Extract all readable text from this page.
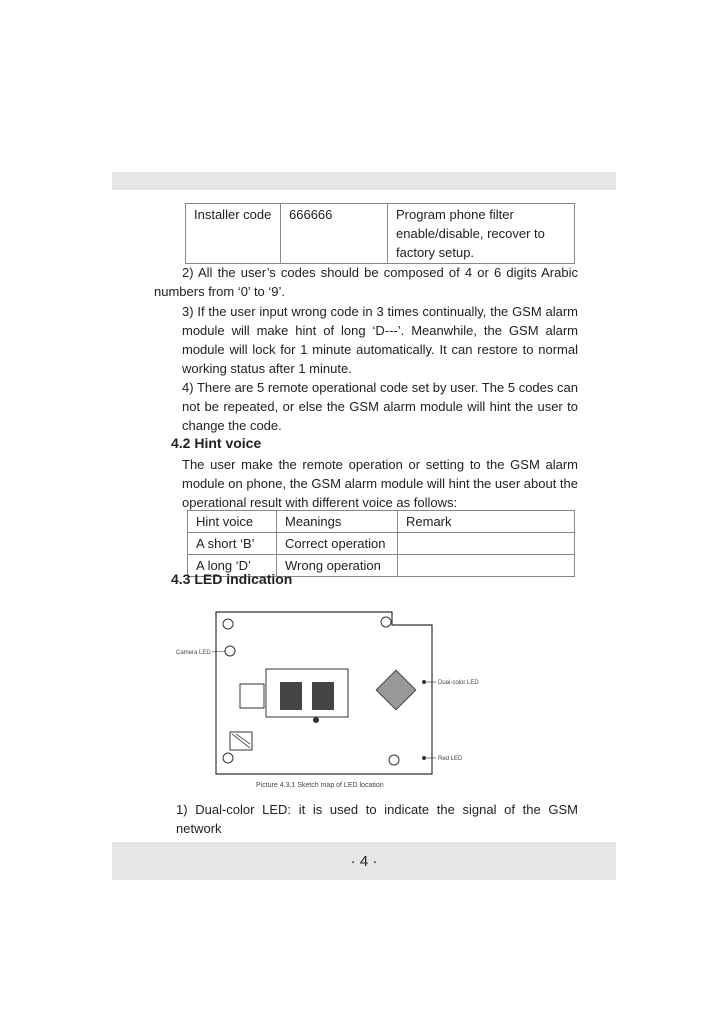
Installer code	666666	Program phone filter
enable/disable, recover to
factory setup.
2) All the user’s codes should be composed of 4 or 6 digits Arabic
numbers from ‘0’ to ‘9’.
3) If the user input wrong code in 3 times continually, the GSM alarm
module will make hint of long ‘D---’. Meanwhile, the GSM alarm
module will lock for 1 minute automatically. It can restore to normal
working status after 1 minute.
4) There are 5 remote operational code set by user. The 5 codes can
not be repeated, or else the GSM alarm module will hint the user to
change the code.
4.2 Hint voice
The user make the remote operation or setting to the GSM alarm
module on phone, the GSM alarm module will hint the user about the
operational result with different voice as follows:
Hint voice	Meanings	Remark
A short ‘B’	Correct operation	
A long ‘D’	Wrong operation	
4.3 LED indication
Camera LED
Dual-color LED
Red LED
Picture 4.3.1 Sketch map of LED location
1) Dual-color LED: it is used to indicate the signal of the GSM network
· 4 ·
